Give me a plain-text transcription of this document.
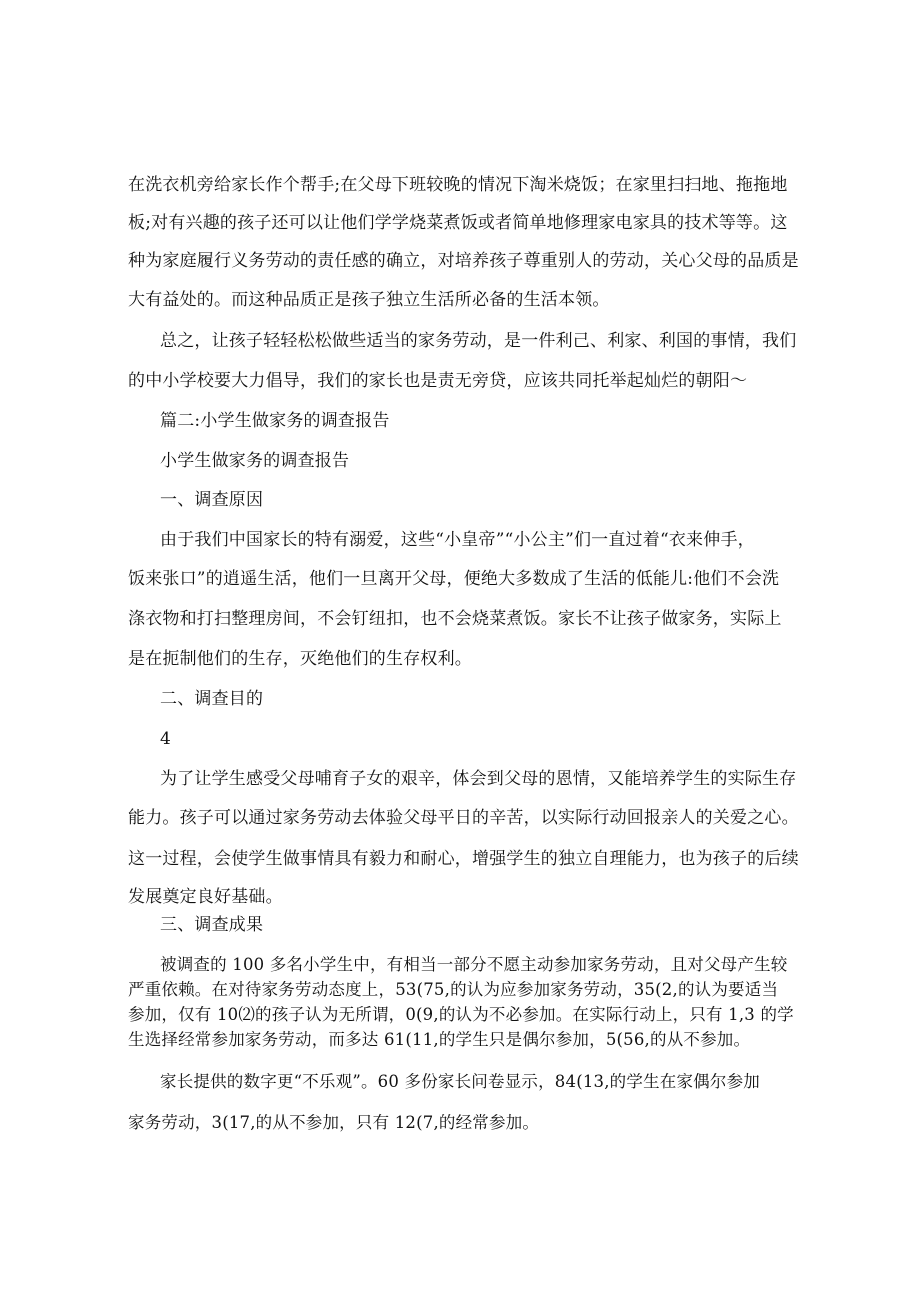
在洗衣机旁给家长作个帮手;在父母下班较晚的情况下淘米烧饭；在家里扫扫地、拖拖地
板;对有兴趣的孩子还可以让他们学学烧菜煮饭或者简单地修理家电家具的技术等等。这
种为家庭履行义务劳动的责任感的确立，对培养孩子尊重别人的劳动，关心父母的品质是
大有益处的。而这种品质正是孩子独立生活所必备的生活本领。
总之，让孩子轻轻松松做些适当的家务劳动，是一件利己、利家、利国的事情，我们
的中小学校要大力倡导，我们的家长也是责无旁贷，应该共同托举起灿烂的朝阳～
篇二:小学生做家务的调查报告
小学生做家务的调查报告
一、调查原因
由于我们中国家长的特有溺爱，这些“小皇帝”“小公主”们一直过着“衣来伸手，
饭来张口”的逍遥生活，他们一旦离开父母，便绝大多数成了生活的低能儿:他们不会洗
涤衣物和打扫整理房间，不会钉纽扣，也不会烧菜煮饭。家长不让孩子做家务，实际上
是在扼制他们的生存，灭绝他们的生存权利。
二、调查目的
4
为了让学生感受父母哺育子女的艰辛，体会到父母的恩情，又能培养学生的实际生存
能力。孩子可以通过家务劳动去体验父母平日的辛苦，以实际行动回报亲人的关爱之心。
这一过程，会使学生做事情具有毅力和耐心，增强学生的独立自理能力，也为孩子的后续
发展奠定良好基础。
三、调查成果
被调查的 100 多名小学生中，有相当一部分不愿主动参加家务劳动，且对父母产生较
严重依赖。在对待家务劳动态度上，53(75,的认为应参加家务劳动，35(2,的认为要适当
参加，仅有 10⑵的孩子认为无所谓，0(9,的认为不必参加。在实际行动上，只有 1,3 的学
生选择经常参加家务劳动，而多达 61(11,的学生只是偶尔参加，5(56,的从不参加。
家长提供的数字更“不乐观”。60 多份家长问卷显示，84(13,的学生在家偶尔参加
家务劳动，3(17,的从不参加，只有 12(7,的经常参加。
